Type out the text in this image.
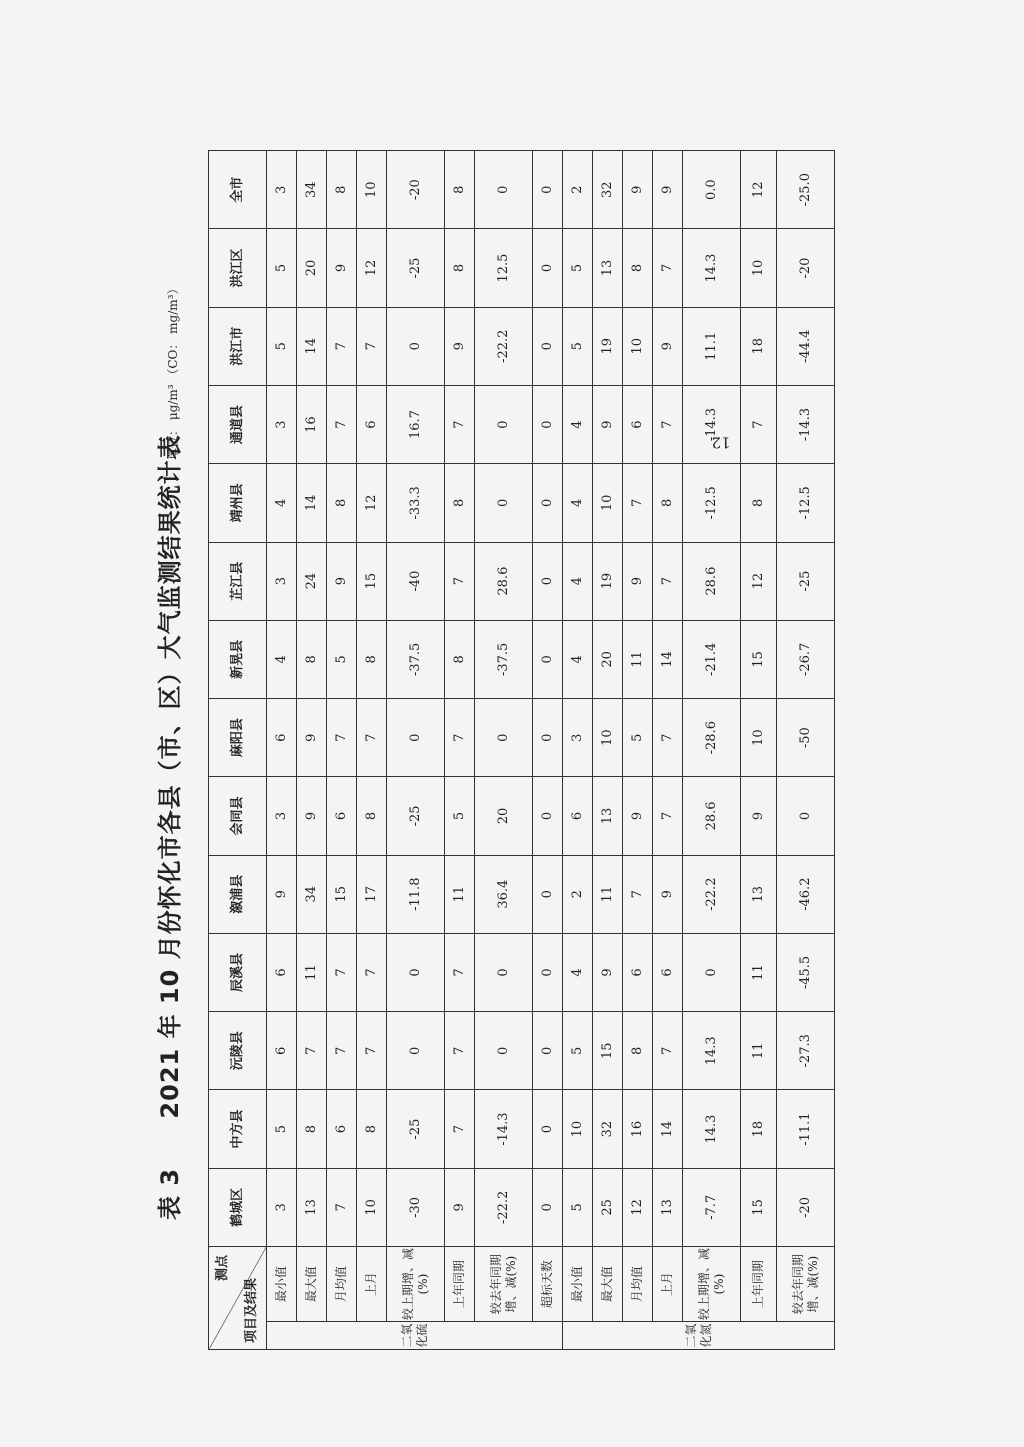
表 3 2021 年 10 月份怀化市各县（市、区）大气监测结果统计表
单位： μg/m³ （CO： mg/m³）
测点
项目及结果		鹤城区	中方县	沅陵县	辰溪县	溆浦县	会同县	麻阳县	新晃县	芷江县	靖州县	通道县	洪江市	洪江区	全市
二氧化硫	最小值	3	5	6	6	9	3	6	4	3	4	3	5	5	3
	最大值	13	8	7	11	34	9	9	8	24	14	16	14	20	34
	月均值	7	6	7	7	15	6	7	5	9	8	7	7	9	8
	上月	10	8	7	7	17	8	7	8	15	12	6	7	12	10
	较上期增、减(%)	-30	-25	0	0	-11.8	-25	0	-37.5	-40	-33.3	16.7	0	-25	-20
	上年同期	9	7	7	7	11	5	7	8	7	8	7	9	8	8
	较去年同期增、减(%)	-22.2	-14.3	0	0	36.4	20	0	-37.5	28.6	0	0	-22.2	12.5	0
	超标天数	0	0	0	0	0	0	0	0	0	0	0	0	0	0
二氧化氮	最小值	5	10	5	4	2	6	3	4	4	4	4	5	5	2
	最大值	25	32	15	9	11	13	10	20	19	10	9	19	13	32
	月均值	12	16	8	6	7	9	5	11	9	7	6	10	8	9
	上月	13	14	7	6	9	7	7	14	7	8	7	9	7	9
	较上期增、减(%)	-7.7	14.3	14.3	0	-22.2	28.6	-28.6	-21.4	28.6	-12.5	-14.3	11.1	14.3	0.0
	上年同期	15	18	11	11	13	9	10	15	12	8	7	18	10	12
	较去年同期增、减(%)	-20	-11.1	-27.3	-45.5	-46.2	0	-50	-26.7	-25	-12.5	-14.3	-44.4	-20	-25.0
12
